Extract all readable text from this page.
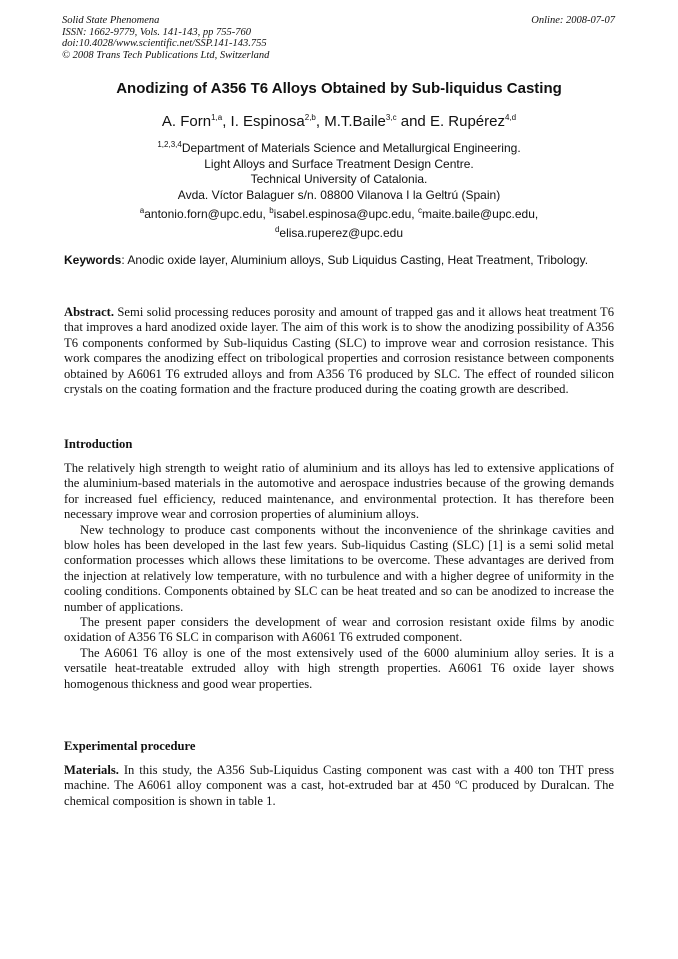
Solid State Phenomena
ISSN: 1662-9779, Vols. 141-143, pp 755-760
doi:10.4028/www.scientific.net/SSP.141-143.755
© 2008 Trans Tech Publications Ltd, Switzerland
Online: 2008-07-07
Anodizing of A356 T6 Alloys Obtained by Sub-liquidus Casting
A. Forn$^{1,a}$, I. Espinosa$^{2,b}$, M.T.Baile$^{3,c}$ and E. Rupérez$^{4,d}$
$^{1,2,3,4}$Department of Materials Science and Metallurgical Engineering.
Light Alloys and Surface Treatment Design Centre.
Technical University of Catalonia.
Avda. Víctor Balaguer s/n. 08800 Vilanova I la Geltrú (Spain)
$^a$antonio.forn@upc.edu, $^b$isabel.espinosa@upc.edu, $^c$maite.baile@upc.edu,
$^d$elisa.ruperez@upc.edu
Keywords: Anodic oxide layer, Aluminium alloys, Sub Liquidus Casting, Heat Treatment, Tribology.
Abstract. Semi solid processing reduces porosity and amount of trapped gas and it allows heat treatment T6 that improves a hard anodized oxide layer. The aim of this work is to show the anodizing possibility of A356 T6 components conformed by Sub-liquidus Casting (SLC) to improve wear and corrosion resistance. This work compares the anodizing effect on tribological properties and corrosion resistance between components obtained by A6061 T6 extruded alloys and from A356 T6 produced by SLC. The effect of rounded silicon crystals on the coating formation and the fracture produced during the coating growth are described.
Introduction

The relatively high strength to weight ratio of aluminium and its alloys has led to extensive applications of the aluminium-based materials in the automotive and aerospace industries because of the growing demands for increased fuel efficiency, reduced maintenance, and environmental protection. It has therefore been necessary improve wear and corrosion properties of aluminium alloys.

New technology to produce cast components without the inconvenience of the shrinkage cavities and blow holes has been developed in the last few years. Sub-liquidus Casting (SLC) [1] is a semi solid metal conformation processes which allows these limitations to be overcome. These advantages are derived from the injection at relatively low temperature, with no turbulence and with a higher degree of uniformity in the cooling conditions. Components obtained by SLC can be heat treated and so can be anodized to increase the number of applications.

The present paper considers the development of wear and corrosion resistant oxide films by anodic oxidation of A356 T6 SLC in comparison with A6061 T6 extruded component.

The A6061 T6 alloy is one of the most extensively used of the 6000 aluminium alloy series. It is a versatile heat-treatable extruded alloy with high strength properties. A6061 T6 oxide layer shows homogenous thickness and good wear properties.

Experimental procedure

Materials. In this study, the A356 Sub-Liquidus Casting component was cast with a 400 ton THT press machine. The A6061 alloy component was a cast, hot-extruded bar at 450 ºC produced by Duralcan. The chemical composition is shown in table 1.
